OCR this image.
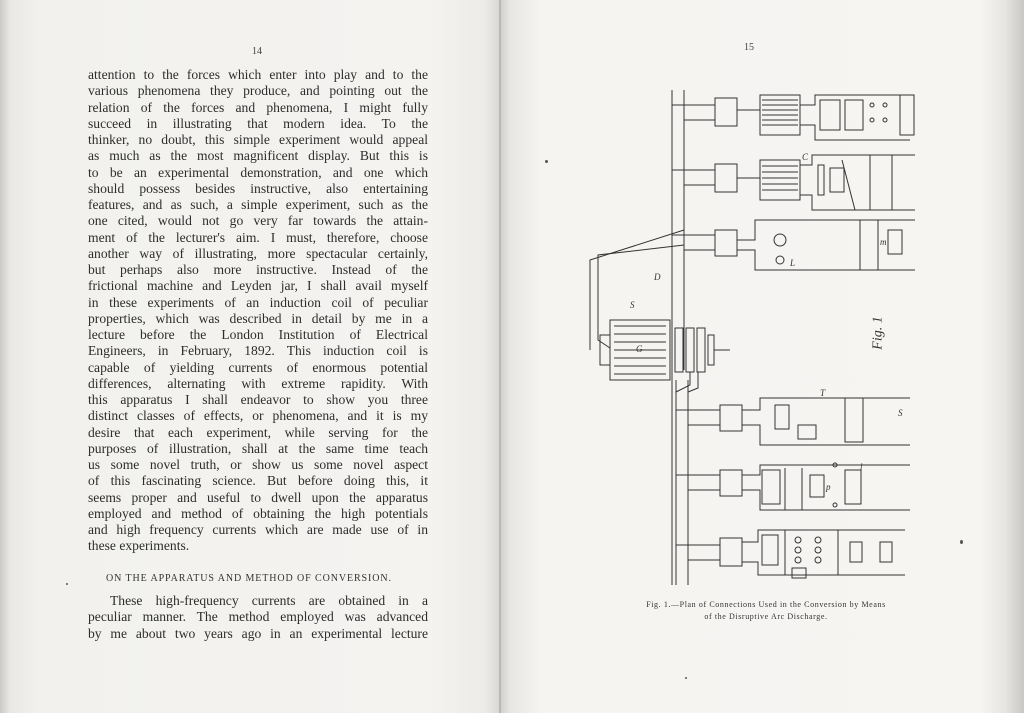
14	15
attention to the forces which enter into play and to the
various phenomena they produce, and pointing out the
relation of the forces and phenomena, I might fully
succeed in illustrating that modern idea. To the
thinker, no doubt, this simple experiment would appeal
as much as the most magnificent display. But this is
to be an experimental demonstration, and one which
should possess besides instructive, also entertaining
features, and as such, a simple experiment, such as the
one cited, would not go very far towards the attain-
ment of the lecturer's aim. I must, therefore, choose
another way of illustrating, more spectacular certainly,
but perhaps also more instructive. Instead of the
frictional machine and Leyden jar, I shall avail myself
in these experiments of an induction coil of peculiar
properties, which was described in detail by me in a
lecture before the London Institution of Electrical
Engineers, in February, 1892. This induction coil is
capable of yielding currents of enormous potential
differences, alternating with extreme rapidity. With
this apparatus I shall endeavor to show you three
distinct classes of effects, or phenomena, and it is my
desire that each experiment, while serving for the
purposes of illustration, shall at the same time teach
us some novel truth, or show us some novel aspect
of this fascinating science. But before doing this, it
seems proper and useful to dwell upon the apparatus
employed and method of obtaining the high potentials
and high frequency currents which are made use of in
these experiments.
ON THE APPARATUS AND METHOD OF CONVERSION.
These high-frequency currents are obtained in a
peculiar manner. The method employed was advanced
by me about two years ago in an experimental lecture
D
S
G
C
L
T
S
m
l
p
Fig. 1
Fig. 1.—Plan of Connections Used in the Conversion by Means
of the Disruptive Arc Discharge.
